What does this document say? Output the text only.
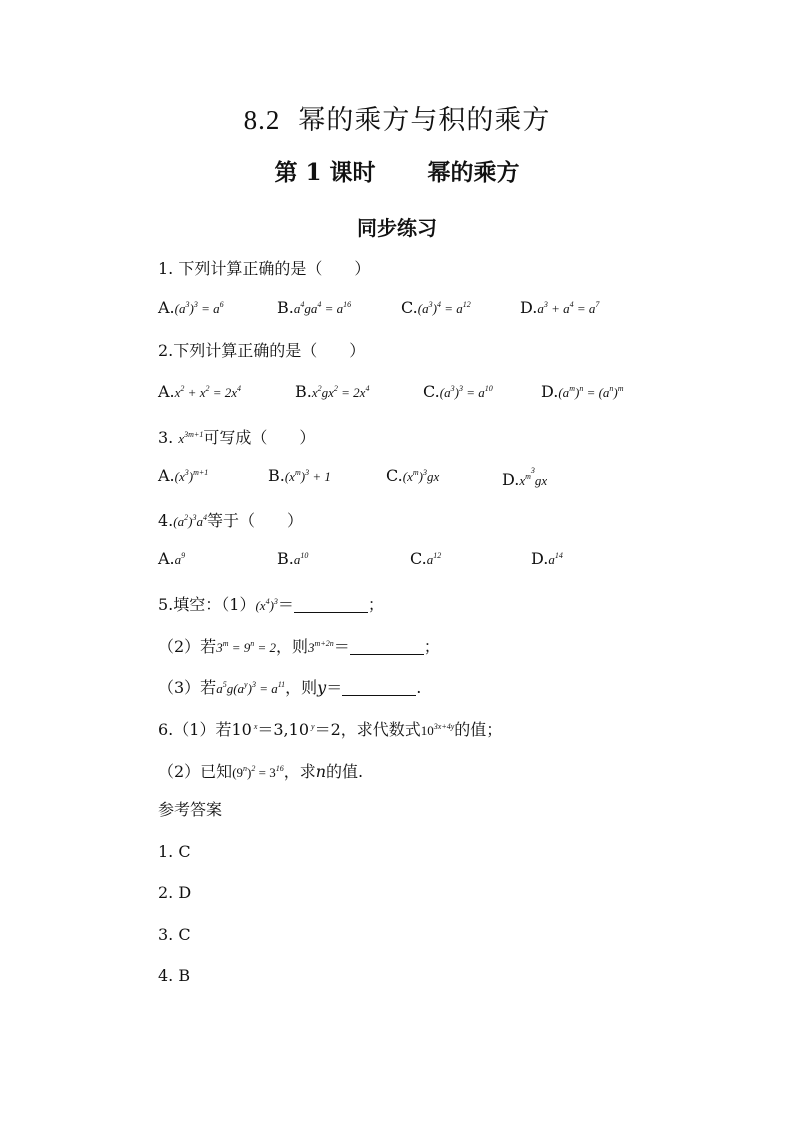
8.2 幂的乘方与积的乘方
第 1 课时 幂的乘方
同步练习
1. 下列计算正确的是（　　）
$A.(a^3)^3 = a^6$	$B.a^4ga^4 = a^{16}$	$C.(a^3)^4 = a^{12}$	$D.a^3 + a^4 = a^7$
2.下列计算正确的是（　　）
$A.x^2 + x^2 = 2x^4$	$B.x^2gx^2 = 2x^4$	$C.(a^3)^3 = a^{10}$	$D.(a^m)^n = (a^n)^m$
3. $x^{3m+1}$可写成（　　）
$A.(x^3)^{m+1}$	$B.(x^m)^3 + 1$	$C.(x^m)^3gx$	$D.x^{m^3}gx$
$4.(a^2)^3a^4$等于（　　）
$A.a^9$	$B.a^{10}$	$C.a^{12}$	$D.a^{14}$
5.填空：$(1)(x^4)^3=$	；
（2）若$3^m = 9^n = 2$，则$3^{m+2n}=$	；
（3）若$a^5g(a^y)^3 = a^{11}$，则y＝	.
6.（1）若10 $^x$＝3,10 $^y$＝2，求代数式$10^{3x+4y}$的值；
（2）已知$(9^n)^2 = 3^{16}$，求n的值.
参考答案
1. C
2. D
3. C
4. B
